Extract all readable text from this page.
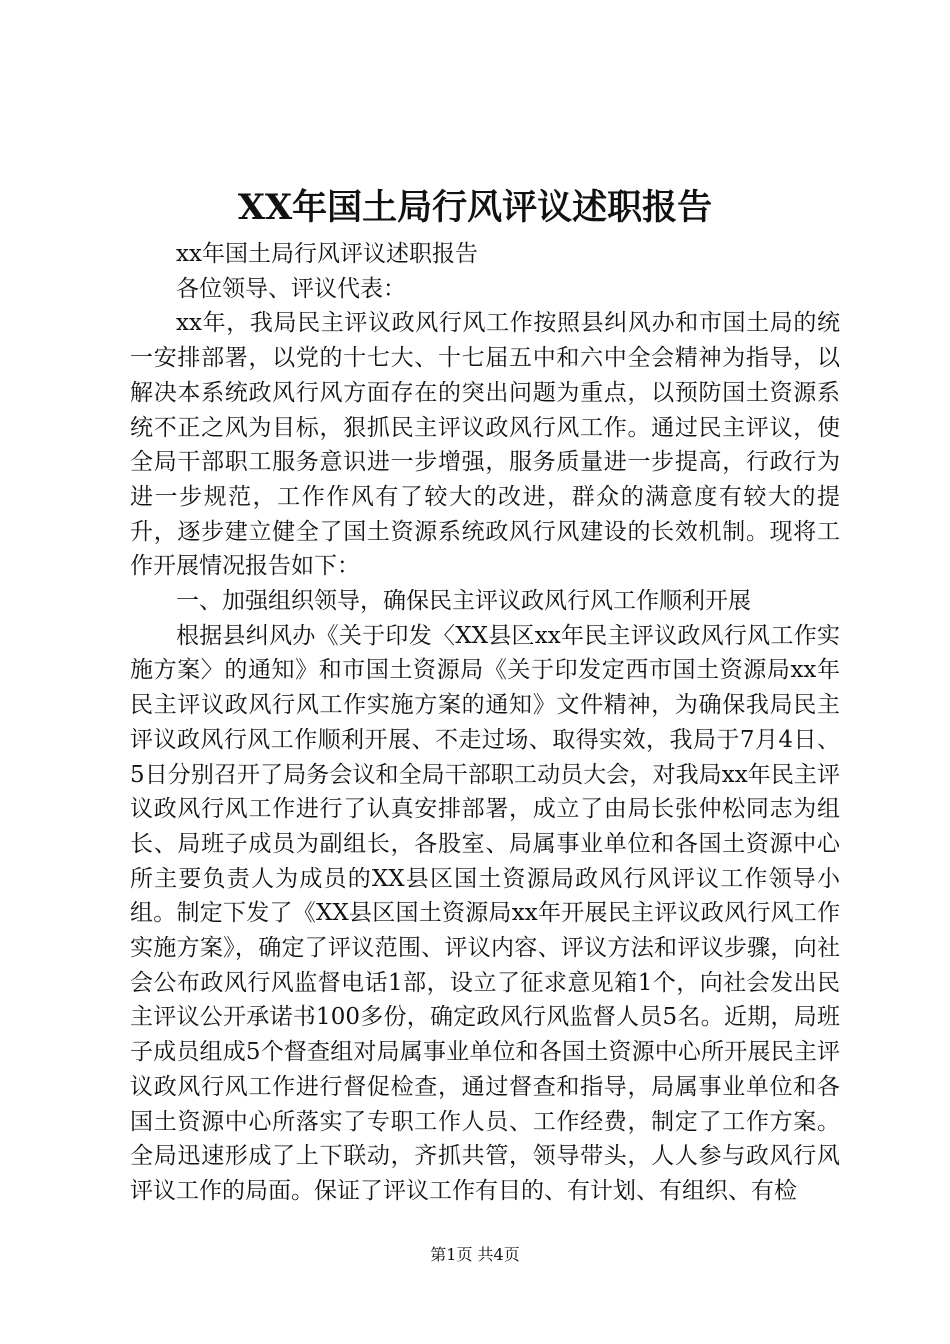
XX年国土局行风评议述职报告

xx年国土局行风评议述职报告

各位领导、评议代表：

xx年，我局民主评议政风行风工作按照县纠风办和市国土局的统一安排部署，以党的十七大、十七届五中和六中全会精神为指导，以解决本系统政风行风方面存在的突出问题为重点，以预防国土资源系统不正之风为目标，狠抓民主评议政风行风工作。通过民主评议，使全局干部职工服务意识进一步增强，服务质量进一步提高，行政行为进一步规范，工作作风有了较大的改进，群众的满意度有较大的提升，逐步建立健全了国土资源系统政风行风建设的长效机制。现将工作开展情况报告如下：

一、加强组织领导，确保民主评议政风行风工作顺利开展

根据县纠风办《关于印发〈XX县区xx年民主评议政风行风工作实施方案〉的通知》和市国土资源局《关于印发定西市国土资源局xx年民主评议政风行风工作实施方案的通知》文件精神，为确保我局民主评议政风行风工作顺利开展、不走过场、取得实效，我局于7月4日、5日分别召开了局务会议和全局干部职工动员大会，对我局xx年民主评议政风行风工作进行了认真安排部署，成立了由局长张仲松同志为组长、局班子成员为副组长，各股室、局属事业单位和各国土资源中心所主要负责人为成员的XX县区国土资源局政风行风评议工作领导小组。制定下发了《XX县区国土资源局xx年开展民主评议政风行风工作实施方案》，确定了评议范围、评议内容、评议方法和评议步骤，向社会公布政风行风监督电话1部，设立了征求意见箱1个，向社会发出民主评议公开承诺书100多份，确定政风行风监督人员5名。近期，局班子成员组成5个督查组对局属事业单位和各国土资源中心所开展民主评议政风行风工作进行督促检查，通过督查和指导，局属事业单位和各国土资源中心所落实了专职工作人员、工作经费，制定了工作方案。全局迅速形成了上下联动，齐抓共管，领导带头，人人参与政风行风评议工作的局面。保证了评议工作有目的、有计划、有组织、有检

第1页 共4页
